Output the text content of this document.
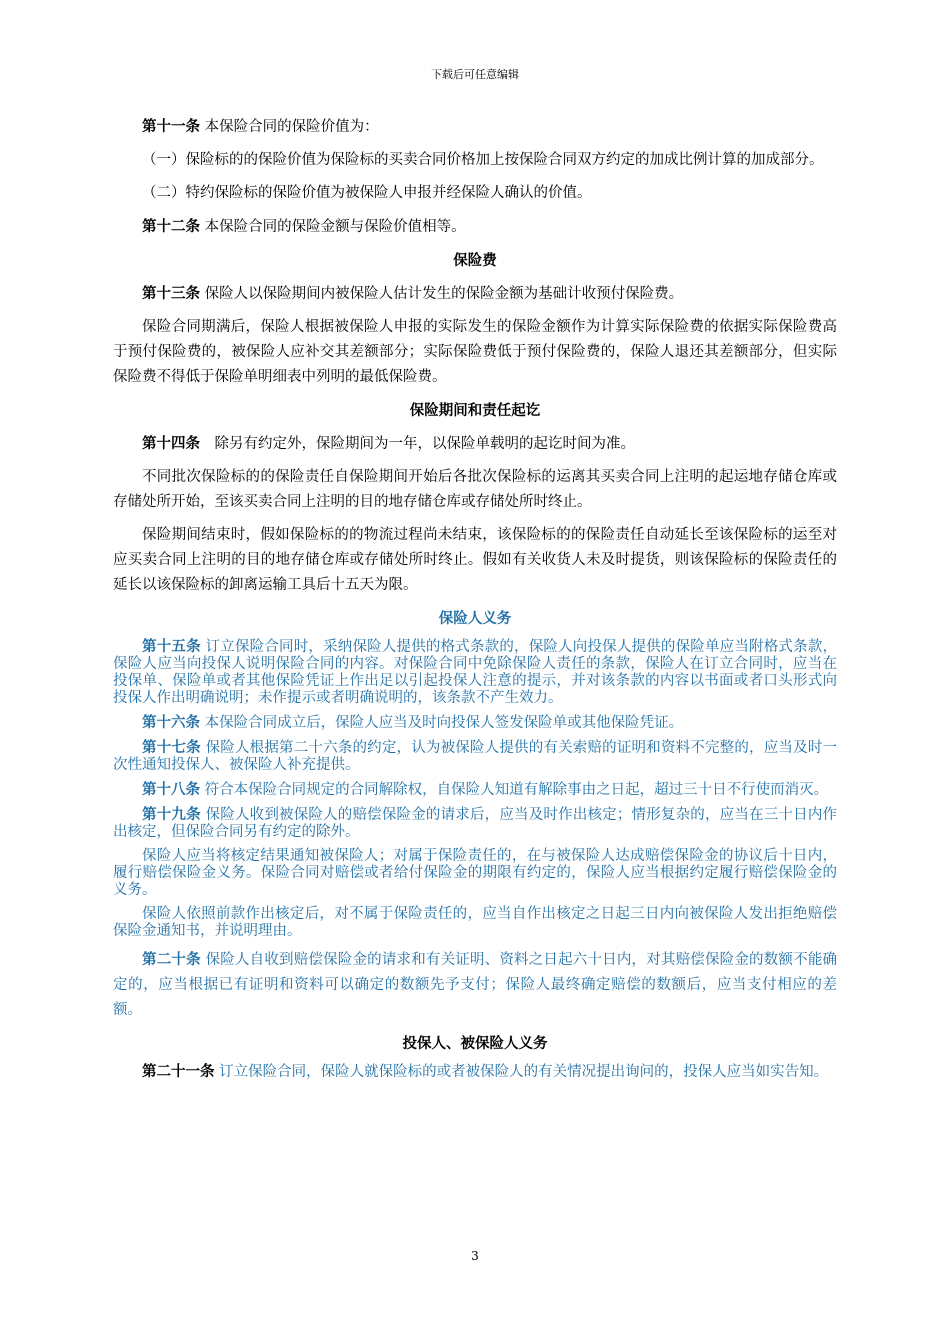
下载后可任意编辑

第十一条 本保险合同的保险价值为：

（一）保险标的的保险价值为保险标的买卖合同价格加上按保险合同双方约定的加成比例计算的加成部分。

（二）特约保险标的保险价值为被保险人申报并经保险人确认的价值。

第十二条 本保险合同的保险金额与保险价值相等。

保险费

第十三条 保险人以保险期间内被保险人估计发生的保险金额为基础计收预付保险费。

保险合同期满后，保险人根据被保险人申报的实际发生的保险金额作为计算实际保险费的依据实际保险费高于预付保险费的，被保险人应补交其差额部分；实际保险费低于预付保险费的，保险人退还其差额部分，但实际保险费不得低于保险单明细表中列明的最低保险费。

保险期间和责任起讫

第十四条　除另有约定外，保险期间为一年，以保险单载明的起讫时间为准。

不同批次保险标的的保险责任自保险期间开始后各批次保险标的运离其买卖合同上注明的起运地存储仓库或存储处所开始，至该买卖合同上注明的目的地存储仓库或存储处所时终止。

保险期间结束时，假如保险标的的物流过程尚未结束，该保险标的的保险责任自动延长至该保险标的运至对应买卖合同上注明的目的地存储仓库或存储处所时终止。假如有关收货人未及时提货，则该保险标的保险责任的延长以该保险标的卸离运输工具后十五天为限。

保险人义务

第十五条 订立保险合同时，采纳保险人提供的格式条款的，保险人向投保人提供的保险单应当附格式条款，保险人应当向投保人说明保险合同的内容。对保险合同中免除保险人责任的条款，保险人在订立合同时，应当在投保单、保险单或者其他保险凭证上作出足以引起投保人注意的提示，并对该条款的内容以书面或者口头形式向投保人作出明确说明；未作提示或者明确说明的，该条款不产生效力。

第十六条 本保险合同成立后，保险人应当及时向投保人签发保险单或其他保险凭证。

第十七条 保险人根据第二十六条的约定，认为被保险人提供的有关索赔的证明和资料不完整的，应当及时一次性通知投保人、被保险人补充提供。

第十八条 符合本保险合同规定的合同解除权，自保险人知道有解除事由之日起，超过三十日不行使而消灭。

第十九条 保险人收到被保险人的赔偿保险金的请求后，应当及时作出核定；情形复杂的，应当在三十日内作出核定，但保险合同另有约定的除外。

保险人应当将核定结果通知被保险人；对属于保险责任的，在与被保险人达成赔偿保险金的协议后十日内，履行赔偿保险金义务。保险合同对赔偿或者给付保险金的期限有约定的，保险人应当根据约定履行赔偿保险金的义务。

保险人依照前款作出核定后，对不属于保险责任的，应当自作出核定之日起三日内向被保险人发出拒绝赔偿保险金通知书，并说明理由。

第二十条 保险人自收到赔偿保险金的请求和有关证明、资料之日起六十日内，对其赔偿保险金的数额不能确定的，应当根据已有证明和资料可以确定的数额先予支付；保险人最终确定赔偿的数额后，应当支付相应的差额。

投保人、被保险人义务

第二十一条 订立保险合同，保险人就保险标的或者被保险人的有关情况提出询问的，投保人应当如实告知。

3
